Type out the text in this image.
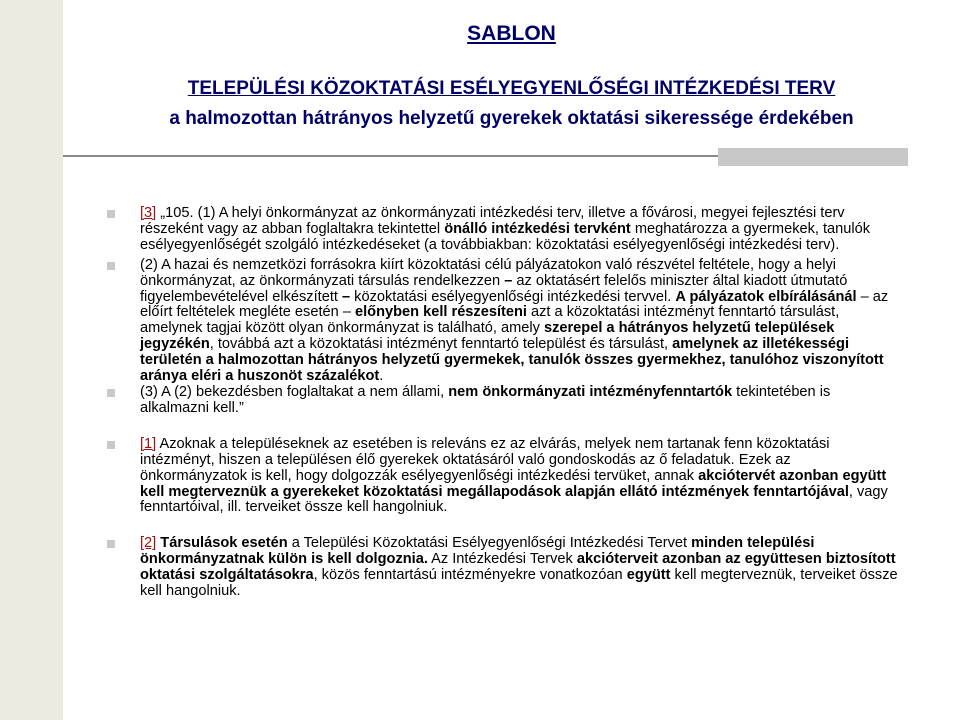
SABLON
TELEPÜLÉSI KÖZOKTATÁSI ESÉLYEGYENLŐSÉGI INTÉZKEDÉSI TERV
a halmozottan hátrányos helyzetű gyerekek oktatási sikeressége érdekében
[3] „105. (1) A helyi önkormányzat az önkormányzati intézkedési terv, illetve a fővárosi, megyei fejlesztési terv részeként vagy az abban foglaltakra tekintettel önálló intézkedési tervként meghatározza a gyermekek, tanulók esélyegyenlőségét szolgáló intézkedéseket (a továbbiakban: közoktatási esélyegyenlőségi intézkedési terv).
(2) A hazai és nemzetközi forrásokra kiírt közoktatási célú pályázatokon való részvétel feltétele, hogy a helyi önkormányzat, az önkormányzati társulás rendelkezzen – az oktatásért felelős miniszter által kiadott útmutató figyelembevételével elkészített – közoktatási esélyegyenlőségi intézkedési tervvel. A pályázatok elbírálásánál – az előírt feltételek megléte esetén – előnyben kell részesíteni azt a közoktatási intézményt fenntartó társulást, amelynek tagjai között olyan önkormányzat is található, amely szerepel a hátrányos helyzetű települések jegyzékén, továbbá azt a közoktatási intézményt fenntartó települést és társulást, amelynek az illetékességi területén a halmozottan hátrányos helyzetű gyermekek, tanulók összes gyermekhez, tanulóhoz viszonyított aránya eléri a huszonöt százalékot.
(3) A (2) bekezdésben foglaltakat a nem állami, nem önkormányzati intézményfenntartók tekintetében is alkalmazni kell.”
[1] Azoknak a településeknek az esetében is releváns ez az elvárás, melyek nem tartanak fenn közoktatási intézményt, hiszen a településen élő gyerekek oktatásáról való gondoskodás az ő feladatuk. Ezek az önkormányzatok is kell, hogy dolgozzák esélyegyenlőségi intézkedési tervüket, annak akciótervét azonban együtt kell megterveznük a gyerekeket közoktatási megállapodások alapján ellátó intézmények fenntartójával, vagy fenntartóival, ill. terveiket össze kell hangolniuk.
[2] Társulások esetén a Települési Közoktatási Esélyegyenlőségi Intézkedési Tervet minden települési önkormányzatnak külön is kell dolgoznia. Az Intézkedési Tervek akcióterveit azonban az együttesen biztosított oktatási szolgáltatásokra, közös fenntartású intézményekre vonatkozóan együtt kell megterveznük, terveiket össze kell hangolniuk.
